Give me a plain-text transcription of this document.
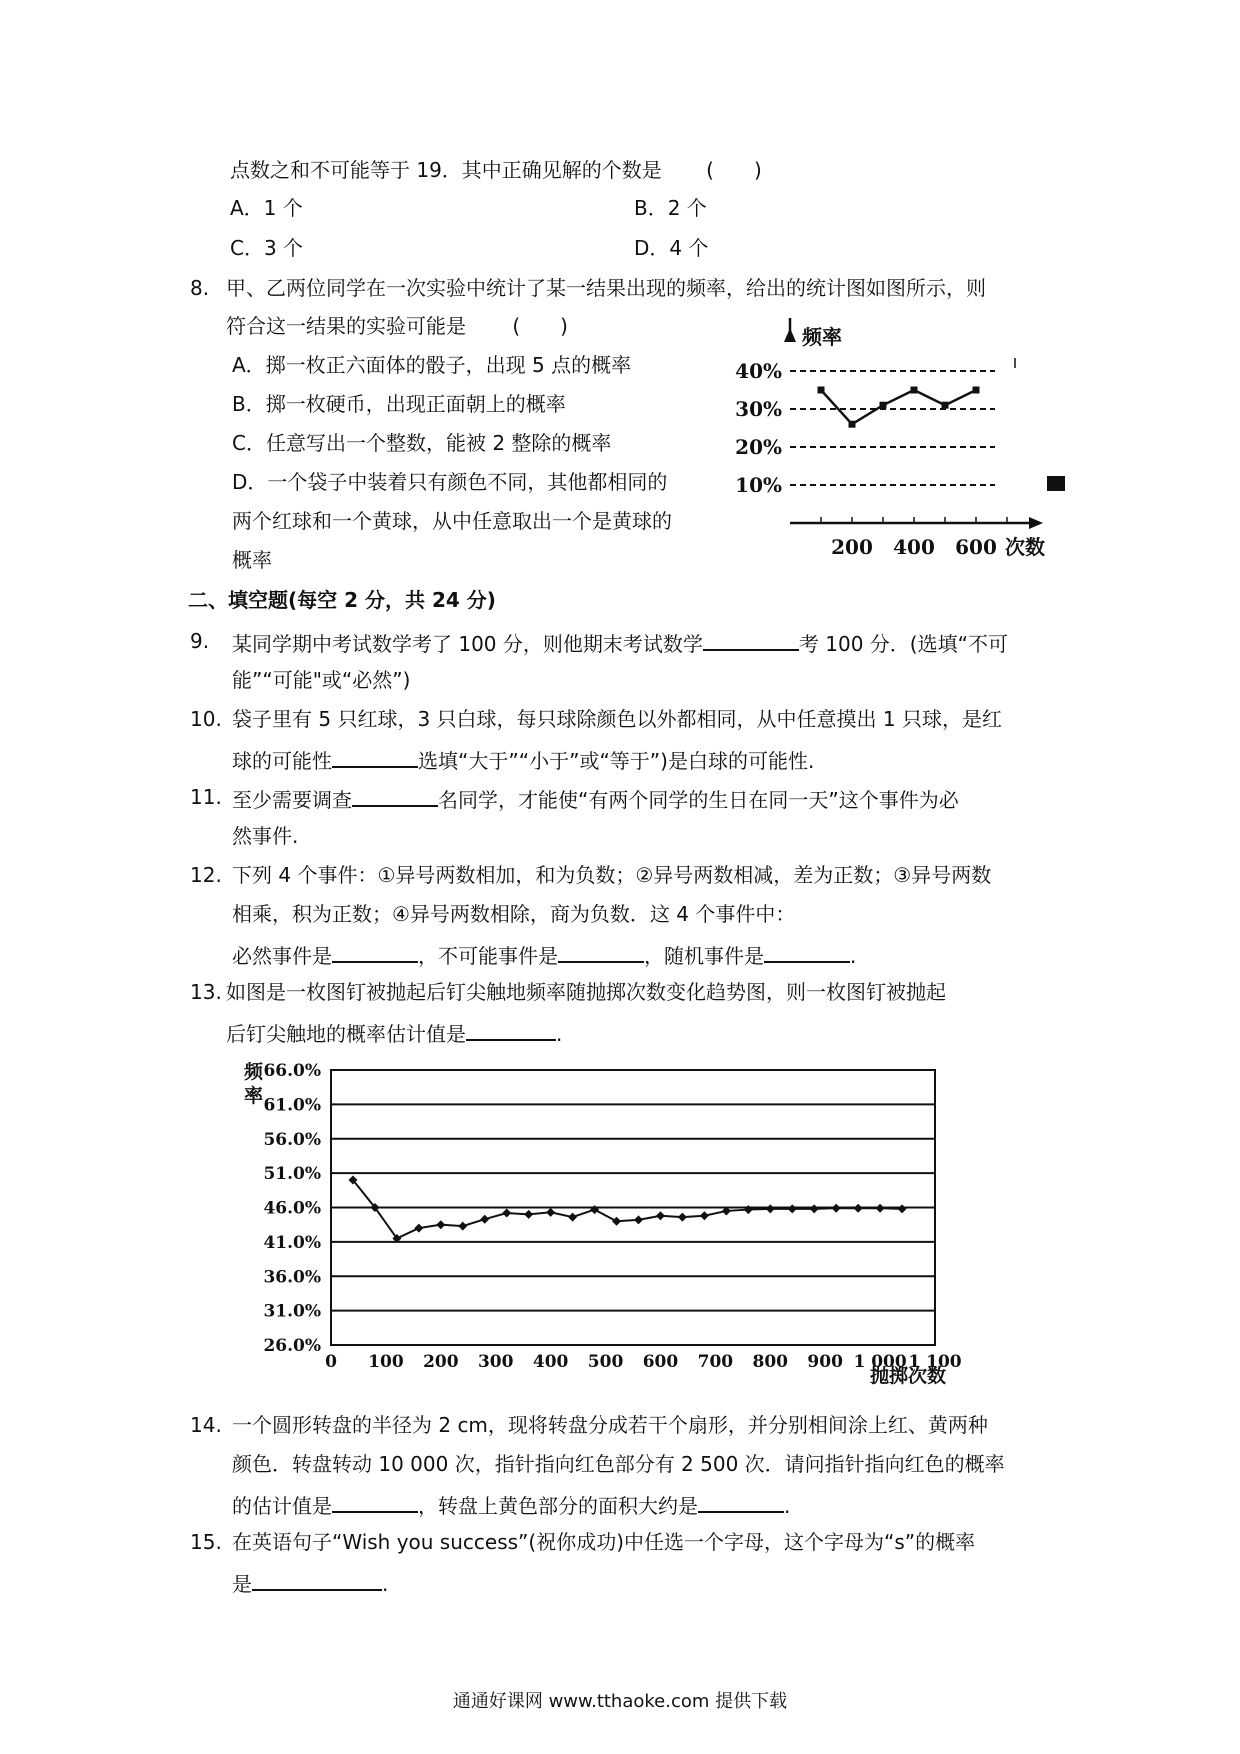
点数之和不可能等于 19．其中正确见解的个数是 (　　)
A．1 个	B．2 个
C．3 个	D．4 个
8. 甲、乙两位同学在一次实验中统计了某一结果出现的频率，给出的统计图如图所示，则
符合这一结果的实验可能是 (　　)
A．掷一枚正六面体的骰子，出现 5 点的概率
B．掷一枚硬币，出现正面朝上的概率
C．任意写出一个整数，能被 2 整除的概率
D．一个袋子中装着只有颜色不同，其他都相同的
两个红球和一个黄球，从中任意取出一个是黄球的
概率
频率
次数
10%
20%
30%
40%
200 400 600
二、填空题(每空 2 分，共 24 分)
9. 某同学期中考试数学考了 100 分，则他期末考试数学	考 100 分．(选填“不可
能”“可能"或“必然”)
10. 袋子里有 5 只红球，3 只白球，每只球除颜色以外都相同，从中任意摸出 1 只球，是红
球的可能性	选填“大于”“小于”或“等于”)是白球的可能性.
11. 至少需要调查	名同学，才能使“有两个同学的生日在同一天”这个事件为必
然事件.
12. 下列 4 个事件：①异号两数相加，和为负数；②异号两数相减，差为正数；③异号两数
相乘，积为正数；④异号两数相除，商为负数．这 4 个事件中：
必然事件是	，不可能事件是	，随机事件是	.
13. 如图是一枚图钉被抛起后钉尖触地频率随抛掷次数变化趋势图，则一枚图钉被抛起
后钉尖触地的概率估计值是	.
频
率
26.0%
31.0%
36.0%
41.0%
46.0%
51.0%
56.0%
61.0%
66.0%
0 100 200 300 400 500 600 700 800 900 1 000 1 100
抛掷次数
14. 一个圆形转盘的半径为 2 cm，现将转盘分成若干个扇形，并分别相间涂上红、黄两种
颜色．转盘转动 10 000 次，指针指向红色部分有 2 500 次．请问指针指向红色的概率
的估计值是	，转盘上黄色部分的面积大约是	.
15. 在英语句子“Wish you success”(祝你成功)中任选一个字母，这个字母为“s”的概率
是	.
通通好课网 www.tthaoke.com 提供下载
